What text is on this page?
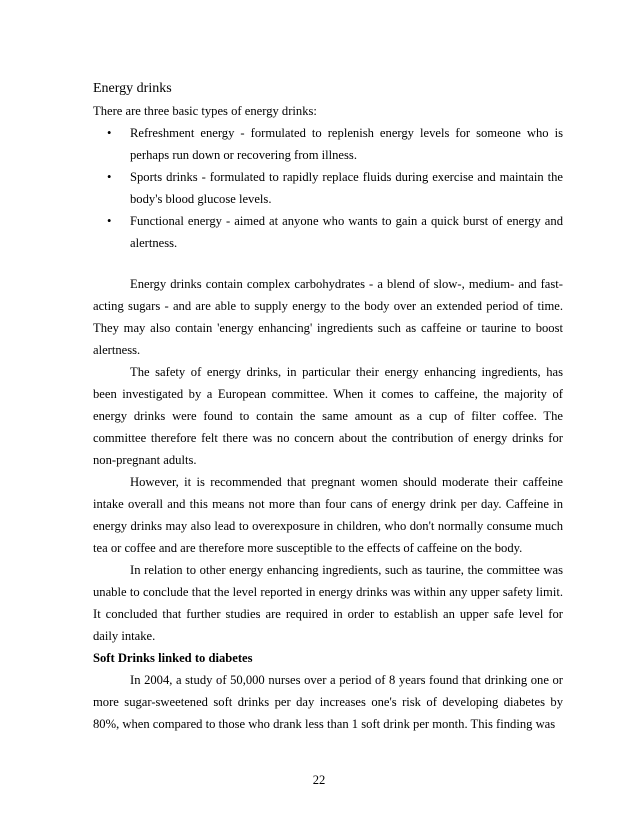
Energy drinks

There are three basic types of energy drinks:

• Refreshment energy - formulated to replenish energy levels for someone who is perhaps run down or recovering from illness.
• Sports drinks - formulated to rapidly replace fluids during exercise and maintain the body's blood glucose levels.
• Functional energy - aimed at anyone who wants to gain a quick burst of energy and alertness.

Energy drinks contain complex carbohydrates - a blend of slow-, medium- and fast-acting sugars - and are able to supply energy to the body over an extended period of time. They may also contain 'energy enhancing' ingredients such as caffeine or taurine to boost alertness.

The safety of energy drinks, in particular their energy enhancing ingredients, has been investigated by a European committee. When it comes to caffeine, the majority of energy drinks were found to contain the same amount as a cup of filter coffee. The committee therefore felt there was no concern about the contribution of energy drinks for non-pregnant adults.

However, it is recommended that pregnant women should moderate their caffeine intake overall and this means not more than four cans of energy drink per day. Caffeine in energy drinks may also lead to overexposure in children, who don't normally consume much tea or coffee and are therefore more susceptible to the effects of caffeine on the body.

In relation to other energy enhancing ingredients, such as taurine, the committee was unable to conclude that the level reported in energy drinks was within any upper safety limit. It concluded that further studies are required in order to establish an upper safe level for daily intake.

Soft Drinks linked to diabetes

In 2004, a study of 50,000 nurses over a period of 8 years found that drinking one or more sugar-sweetened soft drinks per day increases one's risk of developing diabetes by 80%, when compared to those who drank less than 1 soft drink per month. This finding was

22
